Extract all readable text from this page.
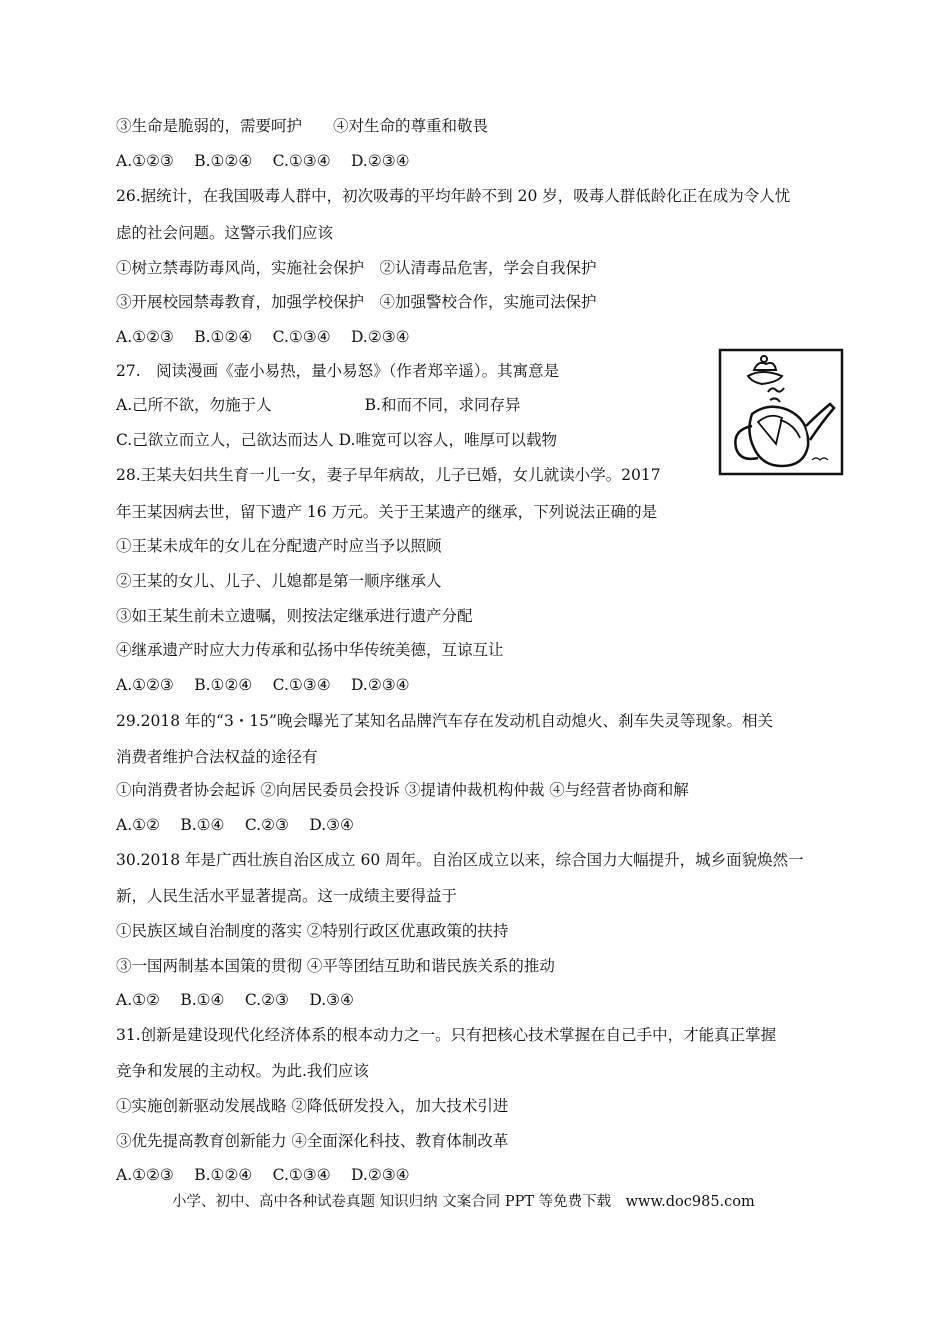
③生命是脆弱的，需要呵护　　④对生命的尊重和敬畏
A.①②③　 B.①②④　 C.①③④　 D.②③④
26.据统计，在我国吸毒人群中，初次吸毒的平均年龄不到 20 岁，吸毒人群低龄化正在成为令人忧
虑的社会问题。这警示我们应该
①树立禁毒防毒风尚，实施社会保护　②认清毒品危害，学会自我保护
③开展校园禁毒教育，加强学校保护　④加强警校合作，实施司法保护
A.①②③　 B.①②④　 C.①③④　 D.②③④
27.　阅读漫画《壶小易热，量小易怒》（作者郑辛遥）。其寓意是
A.己所不欲，勿施于人　　　　　　B.和而不同，求同存异
C.己欲立而立人，己欲达而达人 D.唯宽可以容人，唯厚可以载物
28.王某夫妇共生育一儿一女，妻子早年病故，儿子已婚，女儿就读小学。2017
年王某因病去世，留下遗产 16 万元。关于王某遗产的继承，下列说法正确的是
①王某未成年的女儿在分配遗产时应当予以照顾
②王某的女儿、儿子、儿媳都是第一顺序继承人
③如王某生前未立遗嘱，则按法定继承进行遗产分配
④继承遗产时应大力传承和弘扬中华传统美德，互谅互让
A.①②③　 B.①②④　 C.①③④　 D.②③④
29.2018 年的“3・15”晚会曝光了某知名品牌汽车存在发动机自动熄火、刹车失灵等现象。相关
消费者维护合法权益的途径有
①向消费者协会起诉 ②向居民委员会投诉 ③提请仲裁机构仲裁 ④与经营者协商和解
A.①②　 B.①④　 C.②③　 D.③④
30.2018 年是广西壮族自治区成立 60 周年。自治区成立以来，综合国力大幅提升，城乡面貌焕然一
新，人民生活水平显著提高。这一成绩主要得益于
①民族区域自治制度的落实 ②特别行政区优惠政策的扶持
③一国两制基本国策的贯彻 ④平等团结互助和谐民族关系的推动
A.①②　 B.①④　 C.②③　 D.③④
31.创新是建设现代化经济体系的根本动力之一。只有把核心技术掌握在自己手中，才能真正掌握
竞争和发展的主动权。为此.我们应该
①实施创新驱动发展战略 ②降低研发投入，加大技术引进
③优先提高教育创新能力 ④全面深化科技、教育体制改革
A.①②③　 B.①②④　 C.①③④　 D.②③④
小学、初中、高中各种试卷真题 知识归纳 文案合同 PPT 等免费下载　www.doc985.com
